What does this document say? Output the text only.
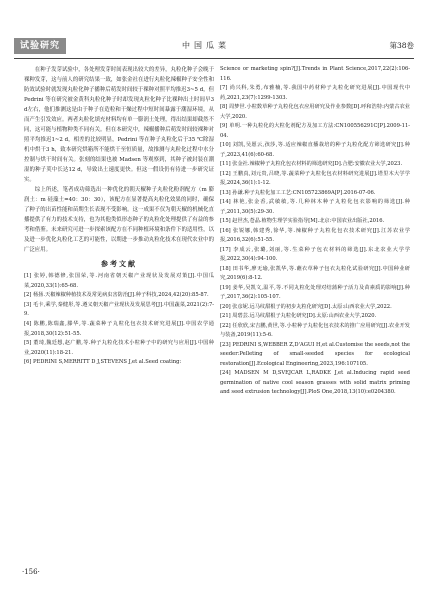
试验研究	中国瓜菜	第38卷

在种子发芽试验中，各处理发芽时间表现出较大的差异，丸粒化种子会晚于裸种发芽，这与前人的研究结果一致，如张金社在进行丸粒化辣椒种子安全性和防效试验时就发现丸粒化种子播种后萌发时间较于裸种对照平均推迟3~5 d，但 Pedrini 等在研究被金黄科丸粒化种子时却发现丸粒化种子比裸种出土时间早3 d左右，他们推测这是由于种子在造粒和干燥过程中短时间暴露于潮湿环境，从而产生引发效应。两者丸粒化填充材料均有单一膨润土处理，得出结果却截然不同，这可能与植物种类不同有关。但在本研究中，辣椒播种后萌发时间较裸种对照平均推迟1~2 d，相差的比较明显，Pedrini 等在种子丸粒化后于35 ℃除湿机中烘干3 h，致本研究烘箱所不能烘干至恒质量，故推测与丸粒化过程中水分控制与烘干时间有关。张刻的结果也被 Madsen 等观察到，其种子被封装在潮湿的种子荚中长达12 d，导致出土速度更快。但这一假设仍有待进一步研究证实。

综上所述，笔者成功筛选出一种优化的朝天椒种子丸粒化粉剂配方（m 膨润土：m 硅藻土=40：30：30），该配方在显著提高丸粒化效果的同时，确保了种子的出苗性能和苗期生长表现不受影响。这一成果不仅为朝天椒的机械化直播提供了有力的技术支持，也为其他类似形态种子的丸粒化处理提供了有益的参考和借鉴。未来研究可进一步探索该配方在不同种植环境和条件下的适用性，以及进一步优化丸粒化工艺的可能性，以期进一步推动丸粒化技术在现代农业中的广泛应用。

参考文献

[1] 张婷,韩德修,张国荣,等.河南省朝天椒产业现状及发展对策[J].中国瓜菜,2020,33(1):65-68.

[2] 杨扬.天椒辣椒种植技术及常见病虫害防治[J].种子科技,2024,42(20):85-87.

[3] 毛卡,乘学,秦健彤,等.遵义朝天椒产业现状及发展思考[J].中国蔬菜,2021(2):7-9.

[4] 陈鹏,陈瑞鑫,滕华,等.蔬菜种子丸粒化包衣技术研究进展[J].中国农学通报,2018,30(12):51-55.

[5] 董琦,魏廷想,赵广鹏,等.种子丸粒化技术小粒种子中的研究与应用[J].中国种业,2020(11):18-21.

[6] PEDRINI S,MERRITT D J,STEVENS J,et al.Seed coating:

Science or marketing spin?[J].Trends in Plant Science,2017,22(2):106-116.

[7] 尚兴科,朱勇,布雅楠,等.我国中药材种子丸粒化研究进展[J].中国现代中药,2021,23(7):1299-1303.

[8] 周梦世.小粒数草种子丸粒化包衣应用研究及作业参数[D].呼和浩特:内蒙古农业大学,2020.

[9] 单明.一种丸粒化的大粒化剂配方及加工方法:CN100556291C[P].2009-11-04.

[10] 刘凯,吴愿云,孩莎,等.适应辣椒直播栽培的种子丸粒化配方筛选研究[J].种子,2023,41(6):60-68.

[11] 张金社.辣椒种子丸粒化包衣材料的筛选研究[D].合肥:安徽农业大学,2023.

[12] 王鹏真,刘元贵,吕晓,等.蔬菜种子丸粒化包衣材料研究进展[J].塔里木大学学报,2024,36(1):1-12.

[13] 孙谦.种子丸粒化加工工艺:CN105723869A[P].2016-07-06.

[14] 林艳,张金香,武敏敏,等.几种林木种子丸粒化包衣影响的筛选[J].种子,2011,30(5):29-30.

[15] 赵世杰,苍晶.植物生理学实验指导[M].北京:中国农业出版社,2016.

[16] 张锐娜,韩建秀,徐华,等.辣椒种子丸粒化包衣技术研究[J].江苏农业学报,2016,32(6):51-55.

[17] 李成云,张璐,刘丽,等.生菜种子包衣材料的筛选[J].东北农业大学学报,2022,30(4):94-100.

[18] 田书华,廖无瑜,张凯华,等.蘸衣草种子包衣丸粒化试验研究[J].中国种业研究,2019(6):8-12.

[19] 姜华,吴凯文,温平,等.不同丸粒化处理对结蒲种子活力及苗素质的影响[J].种子,2017,36(2):105-107.

[20] 张彦妮.远马纹甜根子的初步丸粒化研究[D].太原:山西农业大学,2022.

[21] 周碧芸.远马纹甜根子丸粒化研究[D].太原:山西农业大学,2020.

[22] 任欣欣,宋吉鹏,黄世,等.小粒种子丸粒化包衣技术的推广应用研究[J].农业开发与装备,2019(11):5-6.

[23] PEDRINI S,WEBBER Z,D'AGUI H,et al.Customise the seeds,not the seeder:Pelleting of small-seeded species for ecological restoration[J].Ecological Engineering,2023,196:107105.

[24] MADSEN M D,SVEJCAR L,RADKE J,et al.Inducing rapid seed germination of native cool season grasses with solid matrix priming and seed extrusion technology[J].PloS One,2018,13(10):e0204380.

·156·
